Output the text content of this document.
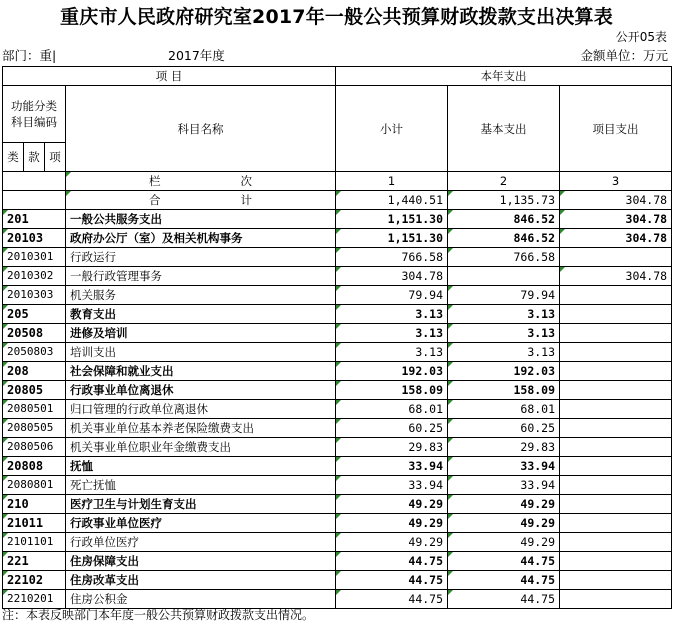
重庆市人民政府研究室2017年一般公共预算财政拨款支出决算表
公开05表
部门：重|	2017年度	金额单位：万元
项 目				本年支出		
功能分类
科目编码			科目名称	小计	基本支出	项目支出
类	款	项				
			栏 次	1	2	3
			合 计	1,440.51	1,135.73	304.78
201			一般公共服务支出	1,151.30	846.52	304.78
20103			政府办公厅（室）及相关机构事务	1,151.30	846.52	304.78
2010301			行政运行	766.58	766.58	
2010302			一般行政管理事务	304.78		304.78
2010303			机关服务	79.94	79.94	
205			教育支出	3.13	3.13	
20508			进修及培训	3.13	3.13	
2050803			培训支出	3.13	3.13	
208			社会保障和就业支出	192.03	192.03	
20805			行政事业单位离退休	158.09	158.09	
2080501			归口管理的行政单位离退休	68.01	68.01	
2080505			机关事业单位基本养老保险缴费支出	60.25	60.25	
2080506			机关事业单位职业年金缴费支出	29.83	29.83	
20808			抚恤	33.94	33.94	
2080801			死亡抚恤	33.94	33.94	
210			医疗卫生与计划生育支出	49.29	49.29	
21011			行政事业单位医疗	49.29	49.29	
2101101			行政单位医疗	49.29	49.29	
221			住房保障支出	44.75	44.75	
22102			住房改革支出	44.75	44.75	
2210201			住房公积金	44.75	44.75	
注：本表反映部门本年度一般公共预算财政拨款支出情况。
